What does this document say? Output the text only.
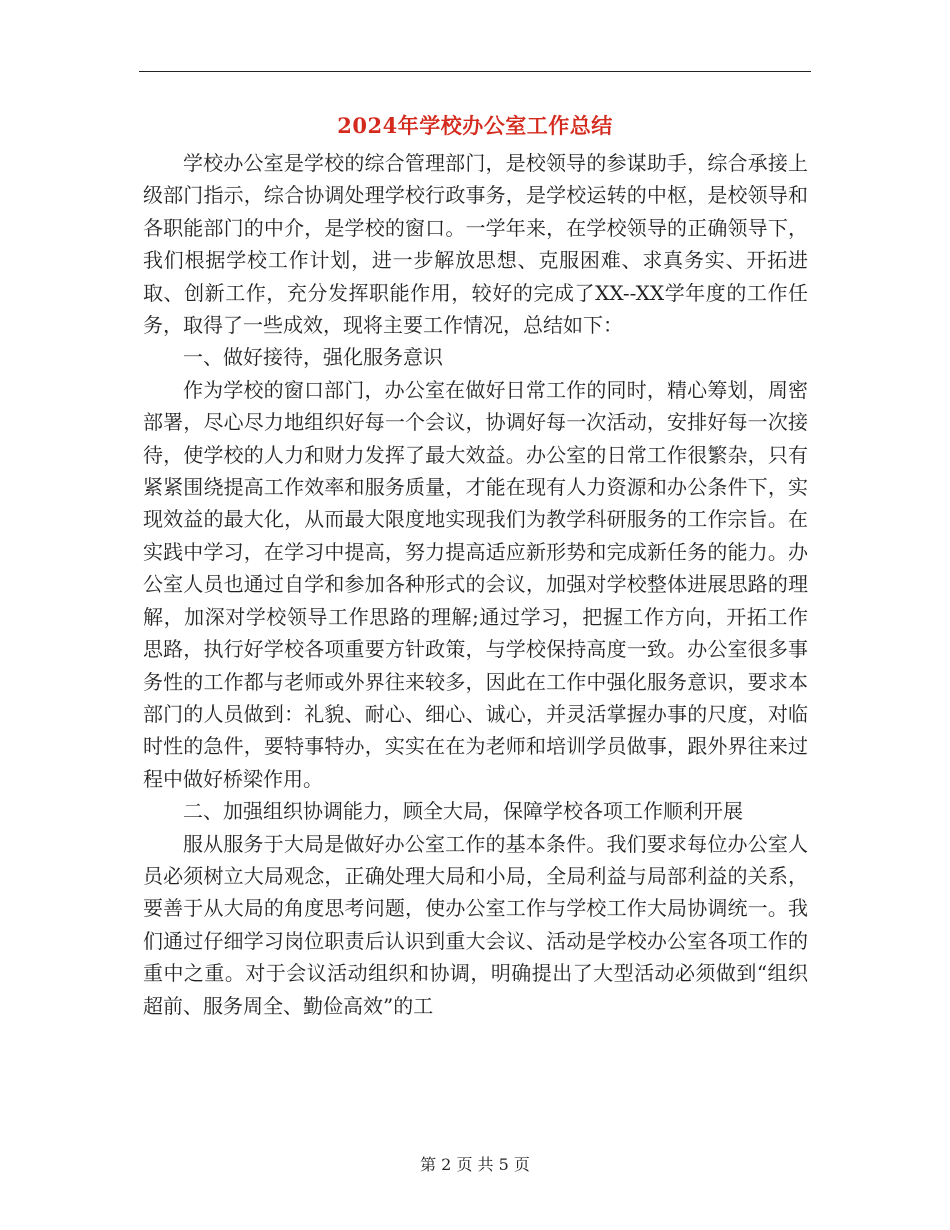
2024年学校办公室工作总结

学校办公室是学校的综合管理部门，是校领导的参谋助手，综合承接上级部门指示，综合协调处理学校行政事务，是学校运转的中枢，是校领导和各职能部门的中介，是学校的窗口。一学年来，在学校领导的正确领导下，我们根据学校工作计划，进一步解放思想、克服困难、求真务实、开拓进取、创新工作，充分发挥职能作用，较好的完成了XX--XX学年度的工作任务，取得了一些成效，现将主要工作情况，总结如下：

一、做好接待，强化服务意识

作为学校的窗口部门，办公室在做好日常工作的同时，精心筹划，周密部署，尽心尽力地组织好每一个会议，协调好每一次活动，安排好每一次接待，使学校的人力和财力发挥了最大效益。办公室的日常工作很繁杂，只有紧紧围绕提高工作效率和服务质量，才能在现有人力资源和办公条件下，实现效益的最大化，从而最大限度地实现我们为教学科研服务的工作宗旨。在实践中学习，在学习中提高，努力提高适应新形势和完成新任务的能力。办公室人员也通过自学和参加各种形式的会议，加强对学校整体进展思路的理解，加深对学校领导工作思路的理解;通过学习，把握工作方向，开拓工作思路，执行好学校各项重要方针政策，与学校保持高度一致。办公室很多事务性的工作都与老师或外界往来较多，因此在工作中强化服务意识，要求本部门的人员做到：礼貌、耐心、细心、诚心，并灵活掌握办事的尺度，对临时性的急件，要特事特办，实实在在为老师和培训学员做事，跟外界往来过程中做好桥梁作用。

二、加强组织协调能力，顾全大局，保障学校各项工作顺利开展

服从服务于大局是做好办公室工作的基本条件。我们要求每位办公室人员必须树立大局观念，正确处理大局和小局，全局利益与局部利益的关系，要善于从大局的角度思考问题，使办公室工作与学校工作大局协调统一。我们通过仔细学习岗位职责后认识到重大会议、活动是学校办公室各项工作的重中之重。对于会议活动组织和协调，明确提出了大型活动必须做到“组织超前、服务周全、勤俭高效”的工

第 2 页 共 5 页
